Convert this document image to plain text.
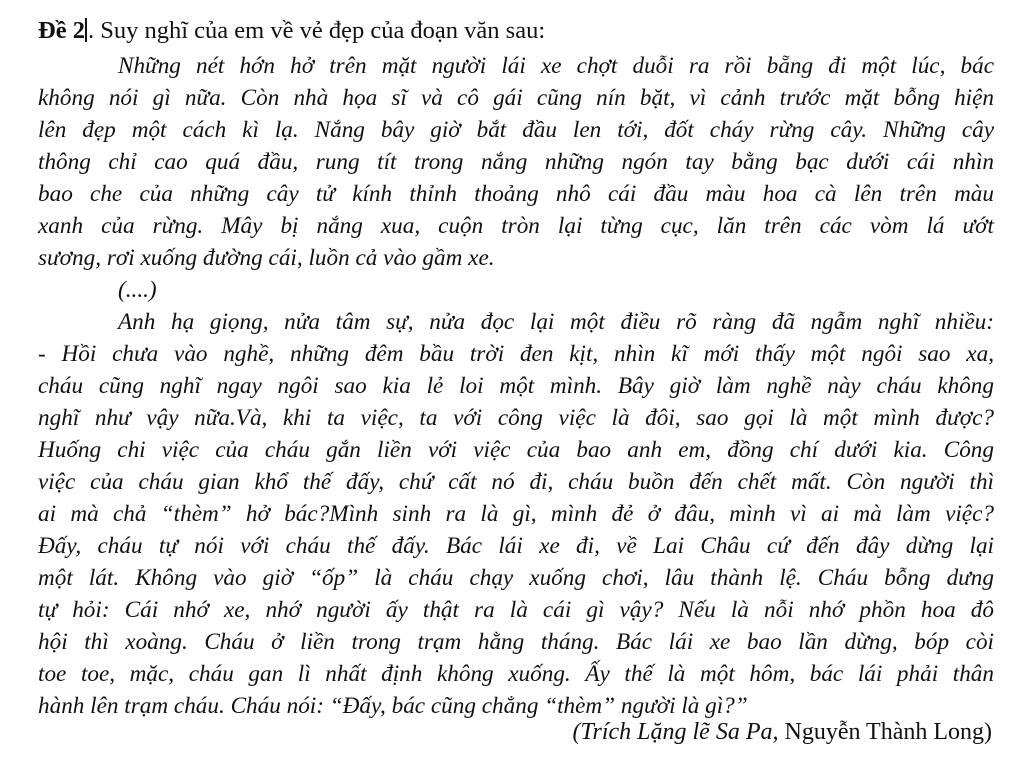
Đề 2 . Suy nghĩ của em về vẻ đẹp của đoạn văn sau:
Những nét hớn hở trên mặt người lái xe chợt duỗi ra rồi bẵng đi một lúc, bác
không nói gì nữa. Còn nhà họa sĩ và cô gái cũng nín bặt, vì cảnh trước mặt bỗng hiện
lên đẹp một cách kì lạ. Nắng bây giờ bắt đầu len tới, đốt cháy rừng cây. Những cây
thông chỉ cao quá đầu, rung tít trong nắng những ngón tay bằng bạc dưới cái nhìn
bao che của những cây tử kính thỉnh thoảng nhô cái đầu màu hoa cà lên trên màu
xanh của rừng. Mây bị nắng xua, cuộn tròn lại từng cục, lăn trên các vòm lá ướt
sương, rơi xuống đường cái, luồn cả vào gầm xe.
(....)
Anh hạ giọng, nửa tâm sự, nửa đọc lại một điều rõ ràng đã ngẫm nghĩ nhiều:
- Hồi chưa vào nghề, những đêm bầu trời đen kịt, nhìn kĩ mới thấy một ngôi sao xa,
cháu cũng nghĩ ngay ngôi sao kia lẻ loi một mình. Bây giờ làm nghề này cháu không
nghĩ như vậy nữa.Và, khi ta việc, ta với công việc là đôi, sao gọi là một mình được?
Huống chi việc của cháu gắn liền với việc của bao anh em, đồng chí dưới kia. Công
việc của cháu gian khổ thế đấy, chứ cất nó đi, cháu buồn đến chết mất. Còn người thì
ai mà chả “thèm” hở bác?Mình sinh ra là gì, mình đẻ ở đâu, mình vì ai mà làm việc?
Đấy, cháu tự nói với cháu thế đấy. Bác lái xe đi, về Lai Châu cứ đến đây dừng lại
một lát. Không vào giờ “ốp” là cháu chạy xuống chơi, lâu thành lệ. Cháu bỗng dưng
tự hỏi: Cái nhớ xe, nhớ người ấy thật ra là cái gì vậy? Nếu là nỗi nhớ phồn hoa đô
hội thì xoàng. Cháu ở liền trong trạm hằng tháng. Bác lái xe bao lần dừng, bóp còi
toe toe, mặc, cháu gan lì nhất định không xuống. Ấy thế là một hôm, bác lái phải thân
hành lên trạm cháu. Cháu nói: “Đấy, bác cũng chẳng “thèm” người là gì?”
(Trích Lặng lẽ Sa Pa, Nguyễn Thành Long)
